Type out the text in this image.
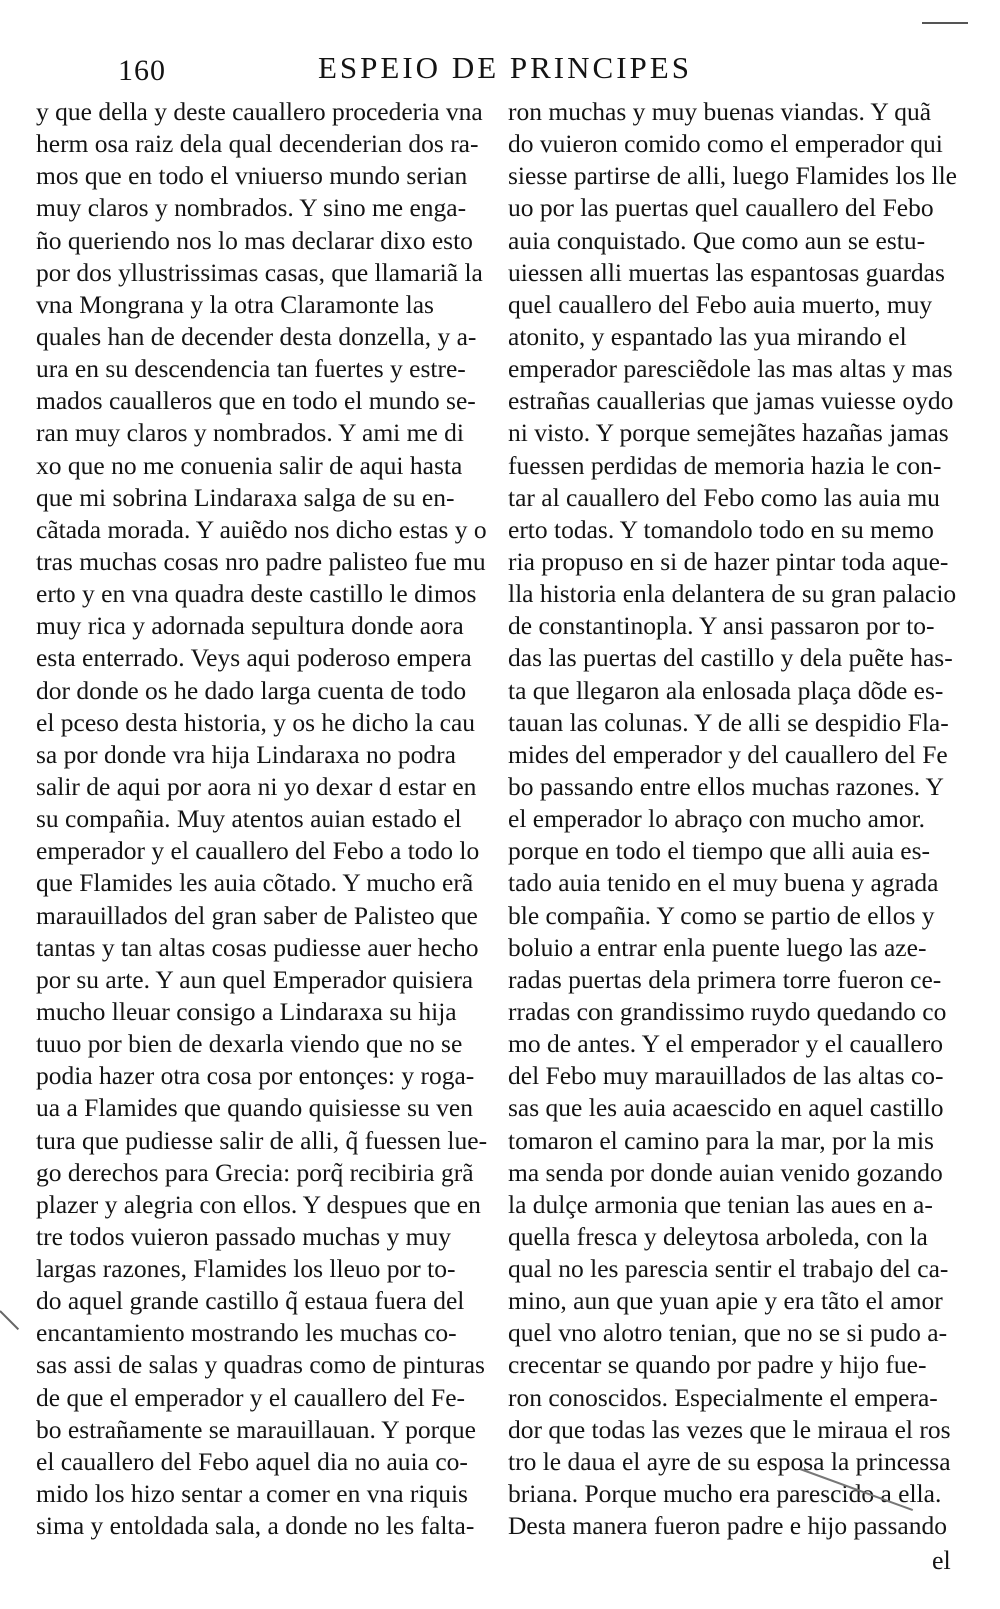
160	ESPEIO DE PRINCIPES
y que della y deste cauallero procederia vna
herm osa raiz dela qual decenderian dos ra-
mos que en todo el vniuerso mundo serian
muy claros y nombrados. Y sino me enga-
ño queriendo nos lo mas declarar dixo esto
por dos yllustrissimas casas, que llamariã la
vna Mongrana y la otra Claramonte las
quales han de decender desta donzella, y a-
ura en su descendencia tan fuertes y estre-
mados caualleros que en todo el mundo se-
ran muy claros y nombrados. Y ami me di
xo que no me conuenia salir de aqui hasta
que mi sobrina Lindaraxa salga de su en-
cãtada morada. Y auiẽdo nos dicho estas y o
tras muchas cosas nro padre palisteo fue mu
erto y en vna quadra deste castillo le dimos
muy rica y adornada sepultura donde aora
esta enterrado. Veys aqui poderoso empera
dor donde os he dado larga cuenta de todo
el pceso desta historia, y os he dicho la cau
sa por donde vra hija Lindaraxa no podra
salir de aqui por aora ni yo dexar d estar en
su compañia. Muy atentos auian estado el
emperador y el cauallero del Febo a todo lo
que Flamides les auia cõtado. Y mucho erã
marauillados del gran saber de Palisteo que
tantas y tan altas cosas pudiesse auer hecho
por su arte. Y aun quel Emperador quisiera
mucho lleuar consigo a Lindaraxa su hija
tuuo por bien de dexarla viendo que no se
podia hazer otra cosa por entonçes: y roga-
ua a Flamides que quando quisiesse su ven
tura que pudiesse salir de alli, q̃ fuessen lue-
go derechos para Grecia: porq̃ recibiria grã
plazer y alegria con ellos. Y despues que en
tre todos vuieron passado muchas y muy
largas razones, Flamides los lleuo por to-
do aquel grande castillo q̃ estaua fuera del
encantamiento mostrando les muchas co-
sas assi de salas y quadras como de pinturas
de que el emperador y el cauallero del Fe-
bo estrañamente se marauillauan. Y porque
el cauallero del Febo aquel dia no auia co-
mido los hizo sentar a comer en vna riquis
sima y entoldada sala, a donde no les falta-
ron muchas y muy buenas viandas. Y quã
do vuieron comido como el emperador qui
siesse partirse de alli, luego Flamides los lle
uo por las puertas quel cauallero del Febo
auia conquistado. Que como aun se estu-
uiessen alli muertas las espantosas guardas
quel cauallero del Febo auia muerto, muy
atonito, y espantado las yua mirando el
emperador paresciẽdole las mas altas y mas
estrañas cauallerias que jamas vuiesse oydo
ni visto. Y porque semejãtes hazañas jamas
fuessen perdidas de memoria hazia le con-
tar al cauallero del Febo como las auia mu
erto todas. Y tomandolo todo en su memo
ria propuso en si de hazer pintar toda aque-
lla historia enla delantera de su gran palacio
de constantinopla. Y ansi passaron por to-
das las puertas del castillo y dela puẽte has-
ta que llegaron ala enlosada plaça dõde es-
tauan las colunas. Y de alli se despidio Fla-
mides del emperador y del cauallero del Fe
bo passando entre ellos muchas razones. Y
el emperador lo abraço con mucho amor.
porque en todo el tiempo que alli auia es-
tado auia tenido en el muy buena y agrada
ble compañia. Y como se partio de ellos y
boluio a entrar enla puente luego las aze-
radas puertas dela primera torre fueron ce-
rradas con grandissimo ruydo quedando co
mo de antes. Y el emperador y el cauallero
del Febo muy marauillados de las altas co-
sas que les auia acaescido en aquel castillo
tomaron el camino para la mar, por la mis
ma senda por donde auian venido gozando
la dulçe armonia que tenian las aues en a-
quella fresca y deleytosa arboleda, con la
qual no les parescia sentir el trabajo del ca-
mino, aun que yuan apie y era tãto el amor
quel vno alotro tenian, que no se si pudo a-
crecentar se quando por padre y hijo fue-
ron conoscidos. Especialmente el empera-
dor que todas las vezes que le miraua el ros
tro le daua el ayre de su esposa la princessa
briana. Porque mucho era parescido a ella.
Desta manera fueron padre e hijo passando
el
